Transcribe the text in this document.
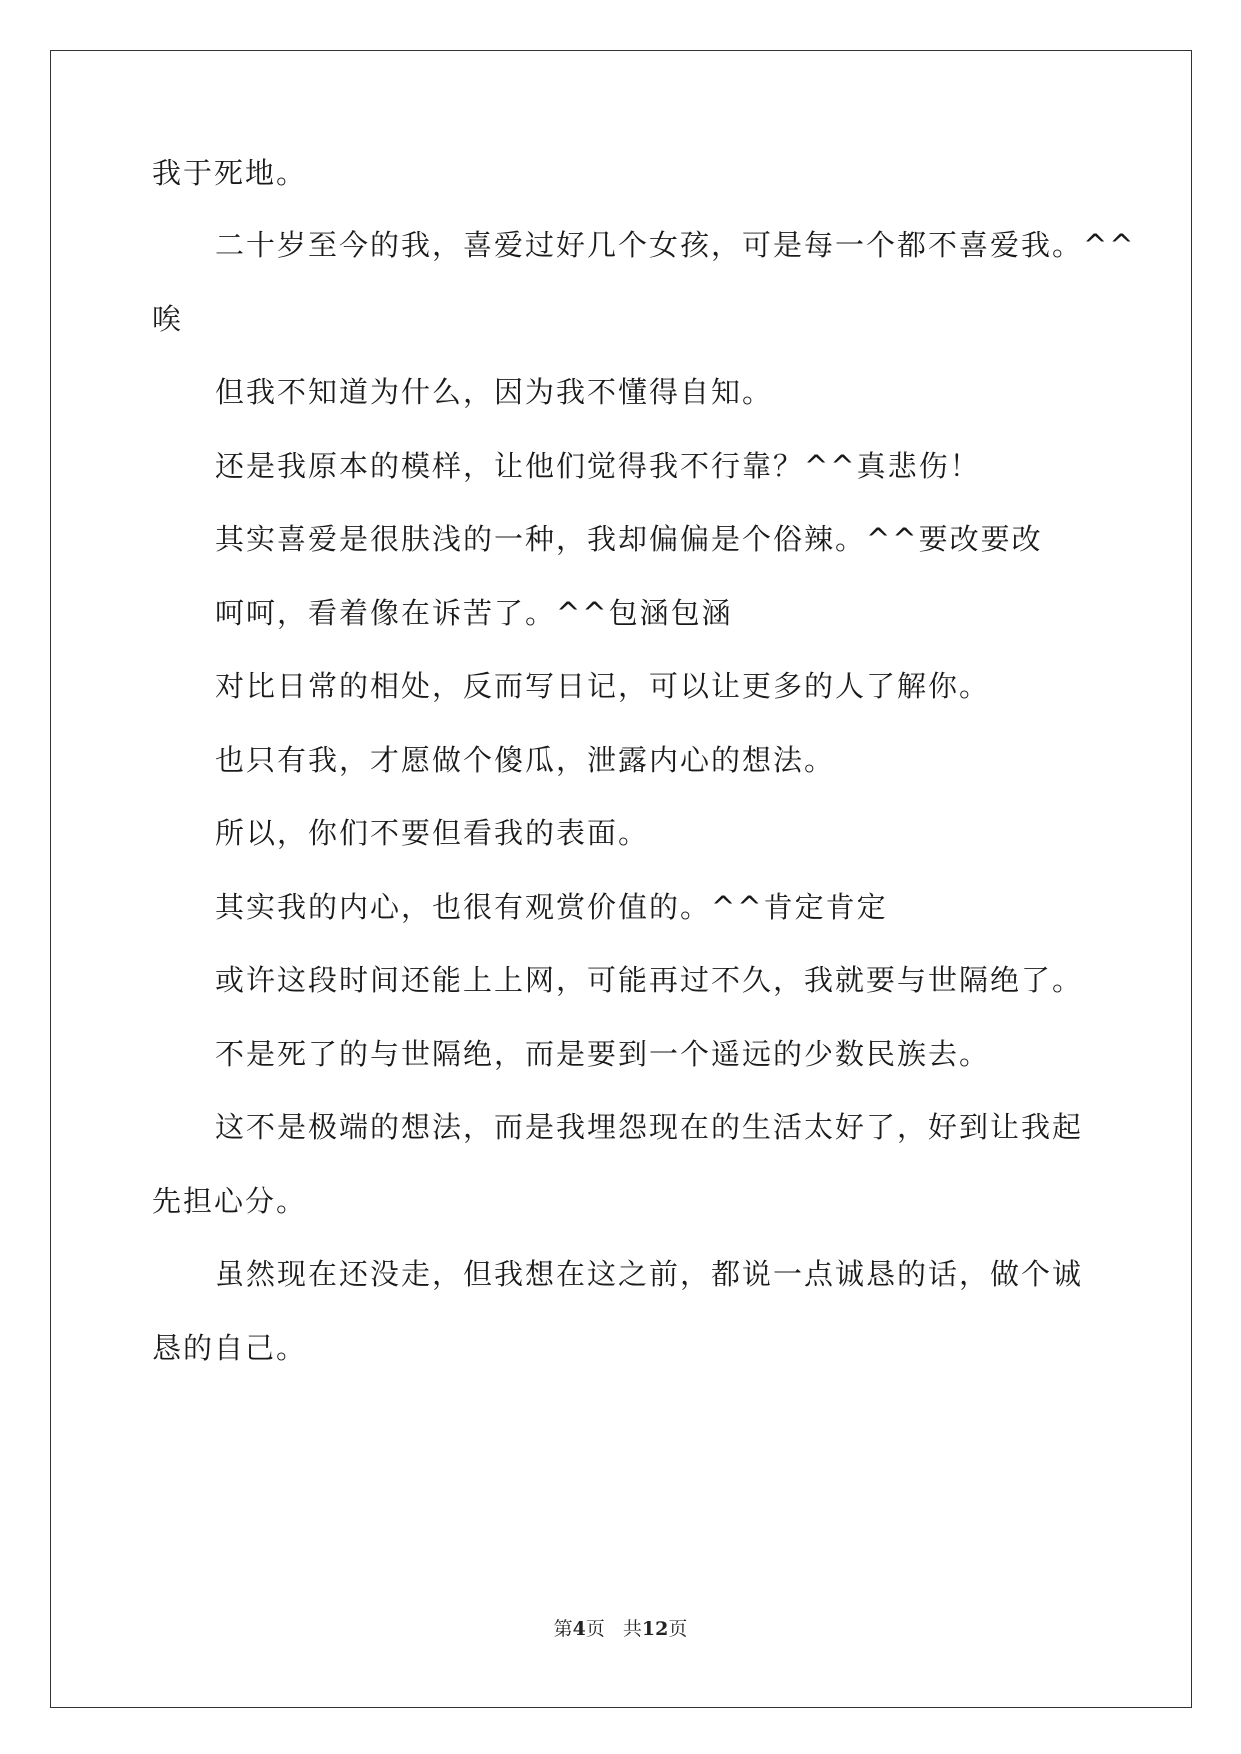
我于死地。
二十岁至今的我，喜爱过好几个女孩，可是每一个都不喜爱我。^^
唉
但我不知道为什么，因为我不懂得自知。
还是我原本的模样，让他们觉得我不行靠？^^真悲伤！
其实喜爱是很肤浅的一种，我却偏偏是个俗辣。^^要改要改
呵呵，看着像在诉苦了。^^包涵包涵
对比日常的相处，反而写日记，可以让更多的人了解你。
也只有我，才愿做个傻瓜，泄露内心的想法。
所以，你们不要但看我的表面。
其实我的内心，也很有观赏价值的。^^肯定肯定
或许这段时间还能上上网，可能再过不久，我就要与世隔绝了。
不是死了的与世隔绝，而是要到一个遥远的少数民族去。
这不是极端的想法，而是我埋怨现在的生活太好了，好到让我起
先担心分。
虽然现在还没走，但我想在这之前，都说一点诚恳的话，做个诚
恳的自己。
第4页 共12页
